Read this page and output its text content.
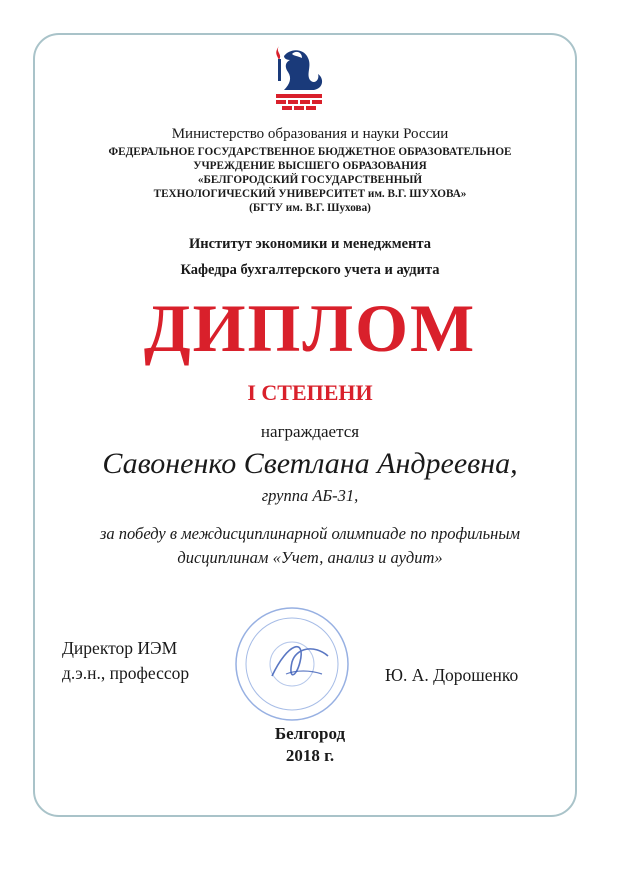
Министерство образования и науки России
ФЕДЕРАЛЬНОЕ ГОСУДАРСТВЕННОЕ БЮДЖЕТНОЕ ОБРАЗОВАТЕЛЬНОЕ
УЧРЕЖДЕНИЕ ВЫСШЕГО ОБРАЗОВАНИЯ
«БЕЛГОРОДСКИЙ ГОСУДАРСТВЕННЫЙ
ТЕХНОЛОГИЧЕСКИЙ УНИВЕРСИТЕТ им. В.Г. ШУХОВА»
(БГТУ им. В.Г. Шухова)
Институт экономики и менеджмента
Кафедра бухгалтерского учета и аудита
ДИПЛОМ
I СТЕПЕНИ
награждается
Савоненко Светлана Андреевна,
группа АБ-31,
за победу в междисциплинарной олимпиаде по профильным
дисциплинам «Учет, анализ и аудит»
Директор ИЭМ
д.э.н., профессор	Ю. А. Дорошенко
Белгород
2018 г.
